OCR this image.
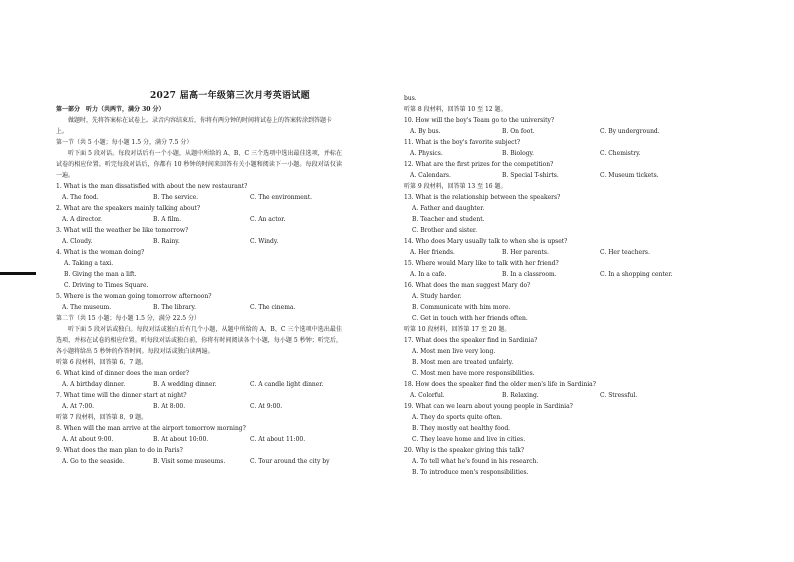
2027 届高一年级第三次月考英语试题
第一部分　听力（共两节，满分 30 分）
做题时，先将答案标在试卷上。录音内容结束后，你将有两分钟的时间将试卷上的答案转涂到答题卡上。
第一节（共 5 小题；每小题 1.5 分，满分 7.5 分）
听下面 5 段对话。每段对话后有一个小题，从题中所给的 A、B、C 三个选项中选出最佳选项，并标在试卷的相应位置。听完每段对话后，你都有 10 秒钟的时间来回答有关小题和阅读下一小题。每段对话仅读一遍。
1. What is the man dissatisfied with about the new restaurant?
A. The food.	B. The service.	C. The environment.
2. What are the speakers mainly talking about?
A. A director.	B. A film.	C. An actor.
3. What will the weather be like tomorrow?
A. Cloudy.	B. Rainy.	C. Windy.
4. What is the woman doing?
A. Taking a taxi.
B. Giving the man a lift.
C. Driving to Times Square.
5. Where is the woman going tomorrow afternoon?
A. The museum.	B. The library.	C. The cinema.
第二节（共 15 小题；每小题 1.5 分，满分 22.5 分）
听下面 5 段对话或独白。每段对话或独白后有几个小题，从题中所给的 A、B、C 三个选项中选出最佳选项，并标在试卷的相应位置。听每段对话或独白前，你将有时间阅读各个小题，每小题 5 秒钟；听完后，各小题将给出 5 秒钟的作答时间。每段对话或独白读两遍。
听第 6 段材料，回答第 6、7 题。
6. What kind of dinner does the man order?
A. A birthday dinner.	B. A wedding dinner.	C. A candle light dinner.
7. What time will the dinner start at night?
A. At 7:00.	B. At 8:00.	C. At 9:00.
听第 7 段材料，回答第 8、9 题。
8. When will the man arrive at the airport tomorrow morning?
A. At about 9:00.	B. At about 10:00.	C. At about 11:00.
9. What does the man plan to do in Paris?
A. Go to the seaside.	B. Visit some museums.	C. Tour around the city by
bus.
听第 8 段材料，回答第 10 至 12 题。
10. How will the boy's Team go to the university?
A. By bus.	B. On foot.	C. By underground.
11. What is the boy's favorite subject?
A. Physics.	B. Biology.	C. Chemistry.
12. What are the first prizes for the competition?
A. Calendars.	B. Special T-shirts.	C. Museum tickets.
听第 9 段材料，回答第 13 至 16 题。
13. What is the relationship between the speakers?
A. Father and daughter.
B. Teacher and student.
C. Brother and sister.
14. Who does Mary usually talk to when she is upset?
A. Her friends.	B. Her parents.	C. Her teachers.
15. Where would Mary like to talk with her friend?
A. In a cafe.	B. In a classroom.	C. In a shopping center.
16. What does the man suggest Mary do?
A. Study harder.
B. Communicate with him more.
C. Get in touch with her friends often.
听第 10 段材料，回答第 17 至 20 题。
17. What does the speaker find in Sardinia?
A. Most men live very long.
B. Most men are treated unfairly.
C. Most men have more responsibilities.
18. How does the speaker find the older men's life in Sardinia?
A. Colorful.	B. Relaxing.	C. Stressful.
19. What can we learn about young people in Sardinia?
A. They do sports quite often.
B. They mostly eat healthy food.
C. They leave home and live in cities.
20. Why is the speaker giving this talk?
A. To tell what he's found in his research.
B. To introduce men's responsibilities.
